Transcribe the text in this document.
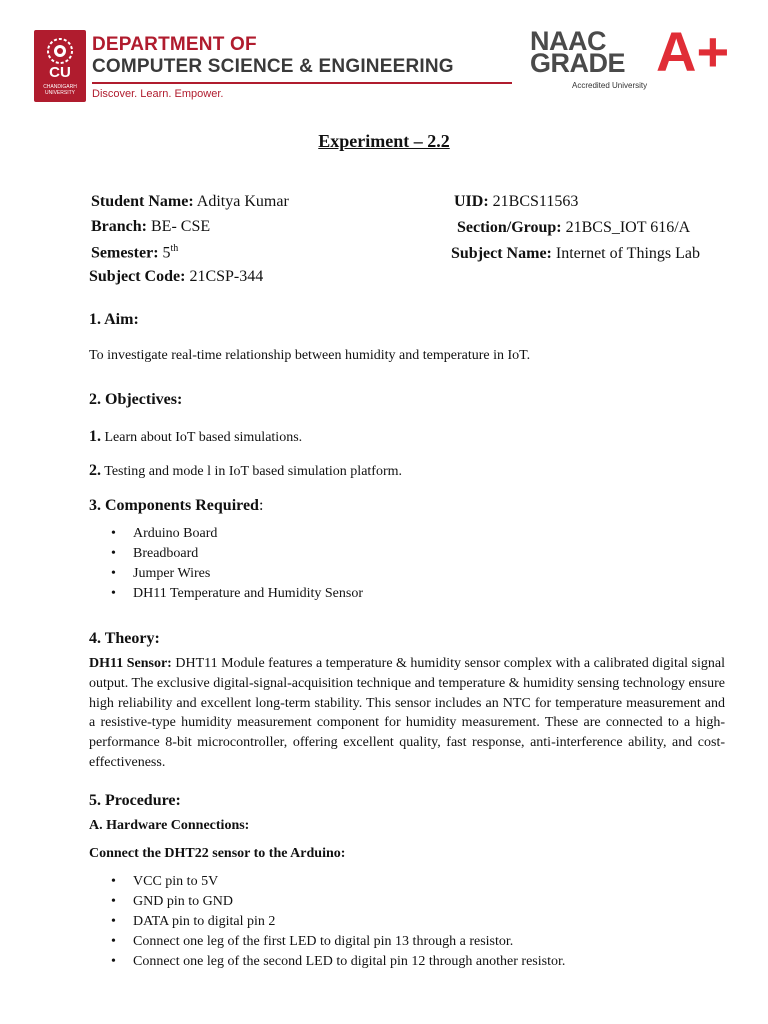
CU
CHANDIGARH UNIVERSITY
DEPARTMENT OF
COMPUTER SCIENCE & ENGINEERING
Discover. Learn. Empower.
NAAC
GRADE A+
Accredited University
Experiment – 2.2
Student Name: Aditya Kumar
Branch: BE- CSE
Semester: 5th
Subject Code: 21CSP-344
UID: 21BCS11563
Section/Group: 21BCS_IOT 616/A
Subject Name: Internet of Things Lab
1. Aim:
To investigate real-time relationship between humidity and temperature in IoT.
2. Objectives:
1. Learn about IoT based simulations.
2. Testing and mode l in IoT based simulation platform.
3. Components Required:
• Arduino Board
• Breadboard
• Jumper Wires
• DH11 Temperature and Humidity Sensor
4. Theory:
DH11 Sensor: DHT11 Module features a temperature & humidity sensor complex with a calibrated digital signal output. The exclusive digital-signal-acquisition technique and temperature & humidity sensing technology ensure high reliability and excellent long-term stability. This sensor includes an NTC for temperature measurement and a resistive-type humidity measurement component for humidity measurement. These are connected to a high-performance 8-bit microcontroller, offering excellent quality, fast response, anti-interference ability, and cost-effectiveness.
5. Procedure:
A. Hardware Connections:
Connect the DHT22 sensor to the Arduino:
• VCC pin to 5V
• GND pin to GND
• DATA pin to digital pin 2
• Connect one leg of the first LED to digital pin 13 through a resistor.
• Connect one leg of the second LED to digital pin 12 through another resistor.
